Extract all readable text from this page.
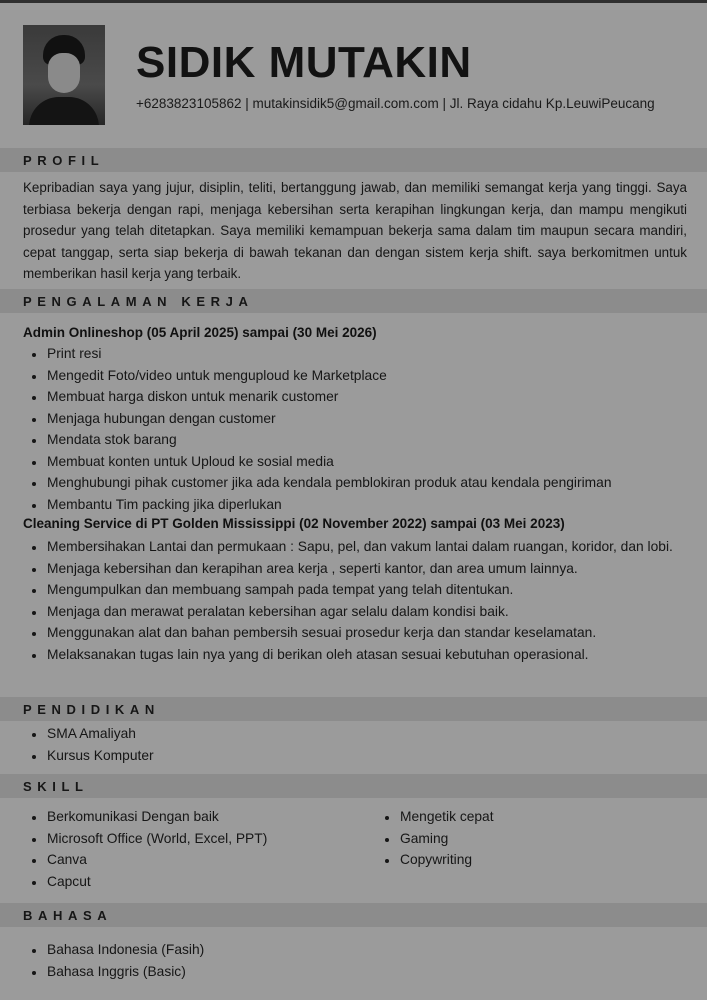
SIDIK MUTAKIN
+6283823105862 | mutakinsidik5@gmail.com.com | Jl. Raya cidahu Kp.LeuwiPeucang
PROFIL
Kepribadian saya yang jujur, disiplin, teliti, bertanggung jawab, dan memiliki semangat kerja yang tinggi. Saya terbiasa bekerja dengan rapi, menjaga kebersihan serta kerapihan lingkungan kerja, dan mampu mengikuti prosedur yang telah ditetapkan. Saya memiliki kemampuan bekerja sama dalam tim maupun secara mandiri, cepat tanggap, serta siap bekerja di bawah tekanan dan dengan sistem kerja shift. saya berkomitmen untuk memberikan hasil kerja yang terbaik.
PENGALAMAN KERJA
Admin Onlineshop (05 April 2025) sampai (30 Mei 2026)
Print resi
Mengedit Foto/video untuk menguploud ke Marketplace
Membuat harga diskon untuk menarik customer
Menjaga hubungan dengan customer
Mendata stok barang
Membuat konten untuk Uploud ke sosial media
Menghubungi pihak customer jika ada kendala pemblokiran produk atau kendala pengiriman
Membantu Tim packing jika diperlukan
Cleaning Service di PT Golden Mississippi (02 November 2022) sampai (03 Mei 2023)
Membersihakan Lantai dan permukaan : Sapu, pel, dan vakum lantai dalam ruangan, koridor, dan lobi.
Menjaga kebersihan dan kerapihan area kerja , seperti kantor, dan area umum lainnya.
Mengumpulkan dan membuang sampah pada tempat yang telah ditentukan.
Menjaga dan merawat peralatan kebersihan agar selalu dalam kondisi baik.
Menggunakan alat dan bahan pembersih sesuai prosedur kerja dan standar keselamatan.
Melaksanakan tugas lain nya yang di berikan oleh atasan sesuai kebutuhan operasional.
PENDIDIKAN
SMA Amaliyah
Kursus Komputer
SKILL
Berkomunikasi Dengan baik
Microsoft Office (World, Excel, PPT)
Canva
Capcut
Mengetik cepat
Gaming
Copywriting
BAHASA
Bahasa Indonesia (Fasih)
Bahasa Inggris (Basic)
